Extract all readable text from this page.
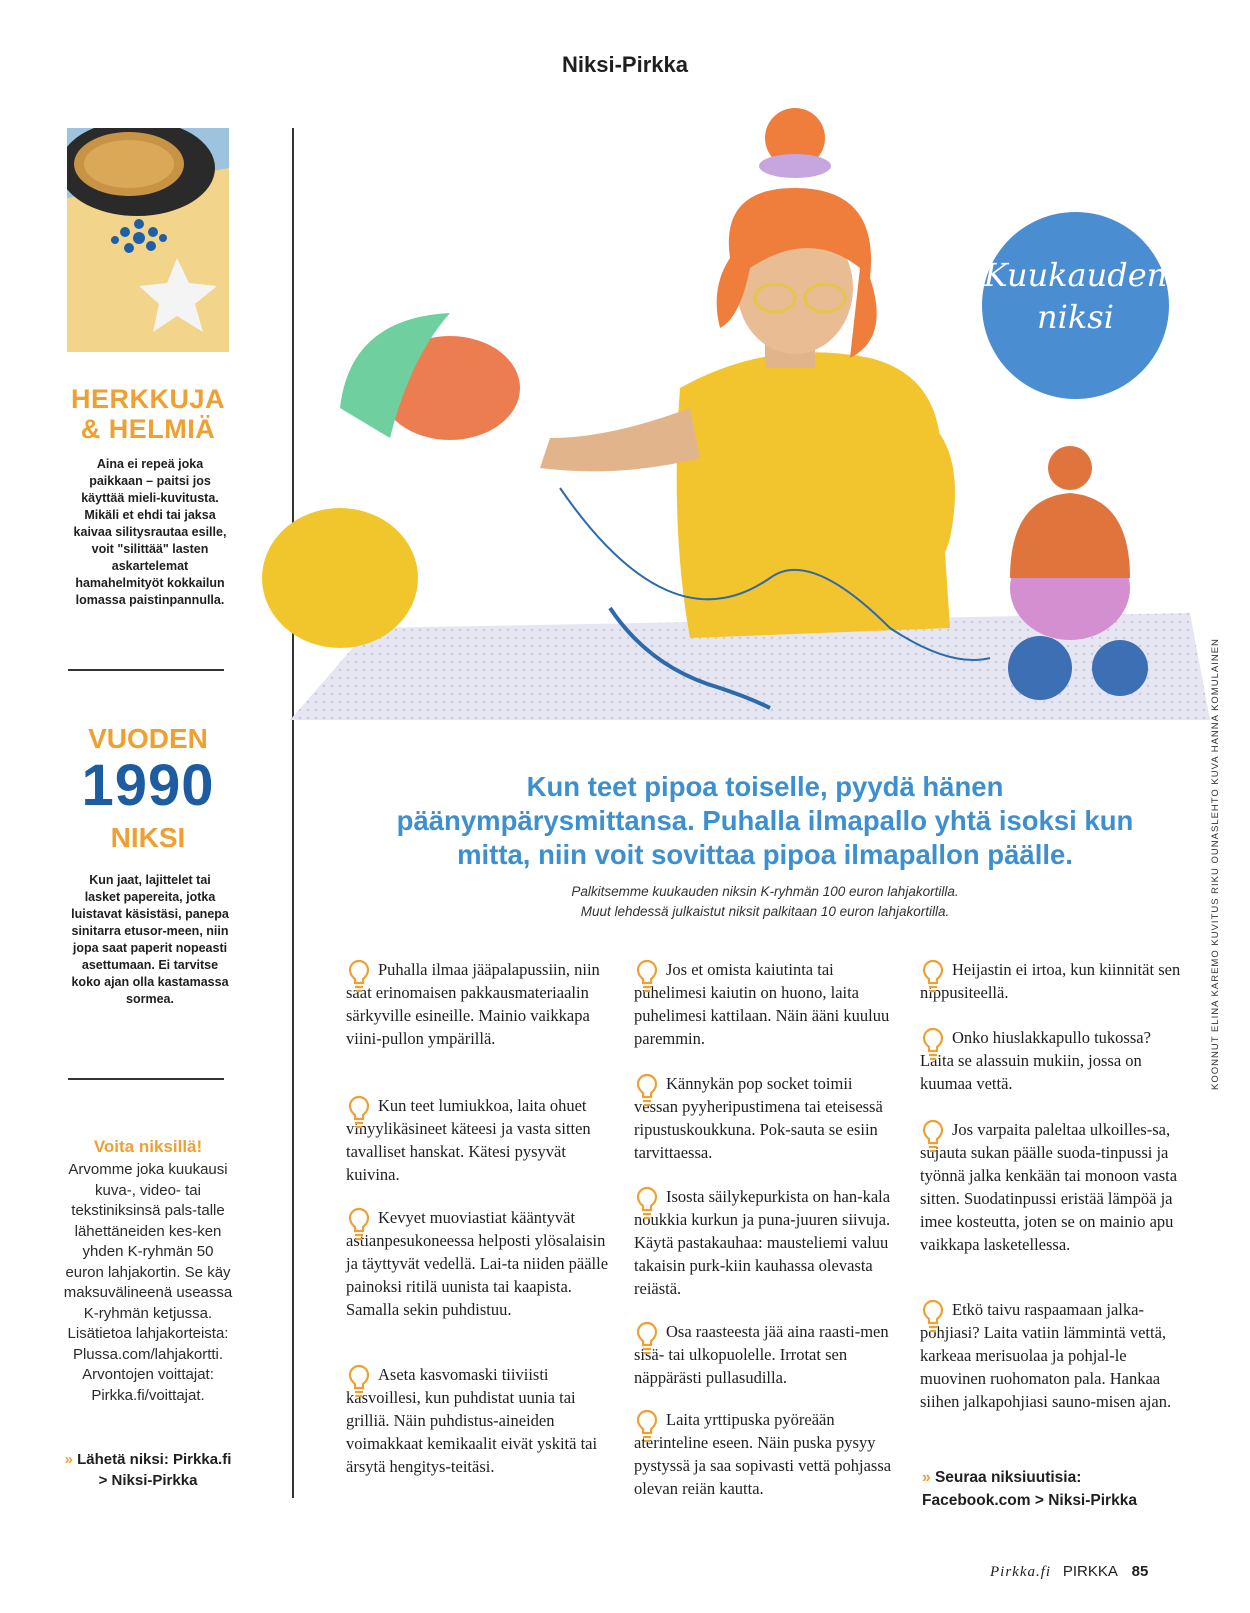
Niksi-Pirkka
HERKKUJA
& HELMIÄ
Aina ei repeä joka paikkaan – paitsi jos käyttää mieli-kuvitusta. Mikäli et ehdi tai jaksa kaivaa silitysrautaa esille, voit "silittää" lasten askartelemat hamahelmityöt kokkailun lomassa paistinpannulla.
VUODEN
1990
NIKSI
Kun jaat, lajittelet tai lasket papereita, jotka luistavat käsistäsi, panepa sinitarra etusor-meen, niin jopa saat paperit nopeasti asettumaan. Ei tarvitse koko ajan olla kastamassa sormea.
Voita niksillä!
Arvomme joka kuukausi kuva-, video- tai tekstiniksinsä pals-talle lähettäneiden kes-ken yhden K-ryhmän 50 euron lahjakortin. Se käy maksuvälineenä useassa K-ryhmän ketjussa. Lisätietoa lahjakorteista: Plussa.com/lahjakortti. Arvontojen voittajat: Pirkka.fi/voittajat.
» Lähetä niksi: Pirkka.fi > Niksi-Pirkka
Kuukauden
niksi
Kun teet pipoa toiselle, pyydä hänen päänympärysmittansa. Puhalla ilmapallo yhtä isoksi kun mitta, niin voit sovittaa pipoa ilmapallon päälle.
Palkitsemme kuukauden niksin K-ryhmän 100 euron lahjakortilla.
Muut lehdessä julkaistut niksit palkitaan 10 euron lahjakortilla.

Puhalla ilmaa jääpalapussiin, niin saat erinomaisen pakkausmateriaalin särkyville esineille. Mainio vaikkapa viini-pullon ympärillä.

Kun teet lumiukkoa, laita ohuet vinyylikäsineet käteesi ja vasta sitten tavalliset hanskat. Kätesi pysyvät kuivina.

Kevyet muoviastiat kääntyvät astianpesukoneessa helposti ylösalaisin ja täyttyvät vedellä. Lai-ta niiden päälle painoksi ritilä uunista tai kaapista. Samalla sekin puhdistuu.

Aseta kasvomaski tiiviisti kasvoillesi, kun puhdistat uunia tai grilliä. Näin puhdistus-aineiden voimakkaat kemikaalit eivät yskitä tai ärsytä hengitys-teitäsi.

Jos et omista kaiutinta tai puhelimesi kaiutin on huono, laita puhelimesi kattilaan. Näin ääni kuuluu paremmin.

Kännykän pop socket toimii vessan pyyheripustimena tai eteisessä ripustuskoukkuna. Pok-sauta se esiin tarvittaessa.

Isosta säilykepurkista on han-kala noukkia kurkun ja puna-juuren siivuja. Käytä pastakauhaa: mausteliemi valuu takaisin purk-kiin kauhassa olevasta reiästä.

Osa raasteesta jää aina raasti-men sisä- tai ulkopuolelle. Irrotat sen näppärästi pullasudilla.

Laita yrttipuska pyöreään aterinteline eseen. Näin puska pysyy pystyssä ja saa sopivasti vettä pohjassa olevan reiän kautta.

Heijastin ei irtoa, kun kiinnität sen nippusiteellä.

Onko hiuslakkapullo tukossa? Laita se alassuin mukiin, jossa on kuumaa vettä.

Jos varpaita paleltaa ulkoilles-sa, sujauta sukan päälle suoda-tinpussi ja työnnä jalka kenkään tai monoon vasta sitten. Suodatinpussi eristää lämpöä ja imee kosteutta, joten se on mainio apu vaikkapa lasketellessa.

Etkö taivu raspaamaan jalka-pohjiasi? Laita vatiin lämmintä vettä, karkeaa merisuolaa ja pohjal-le muovinen ruohomaton pala. Hankaa siihen jalkapohjiasi sauno-misen ajan.

» Seuraa niksiuutisia: Facebook.com > Niksi-Pirkka
KOONNUT ELINA KAREMO KUVITUS RIKU OUNASLEHTO KUVA HANNA KOMULAINEN
Pirkka.fi PIRKKA 85
